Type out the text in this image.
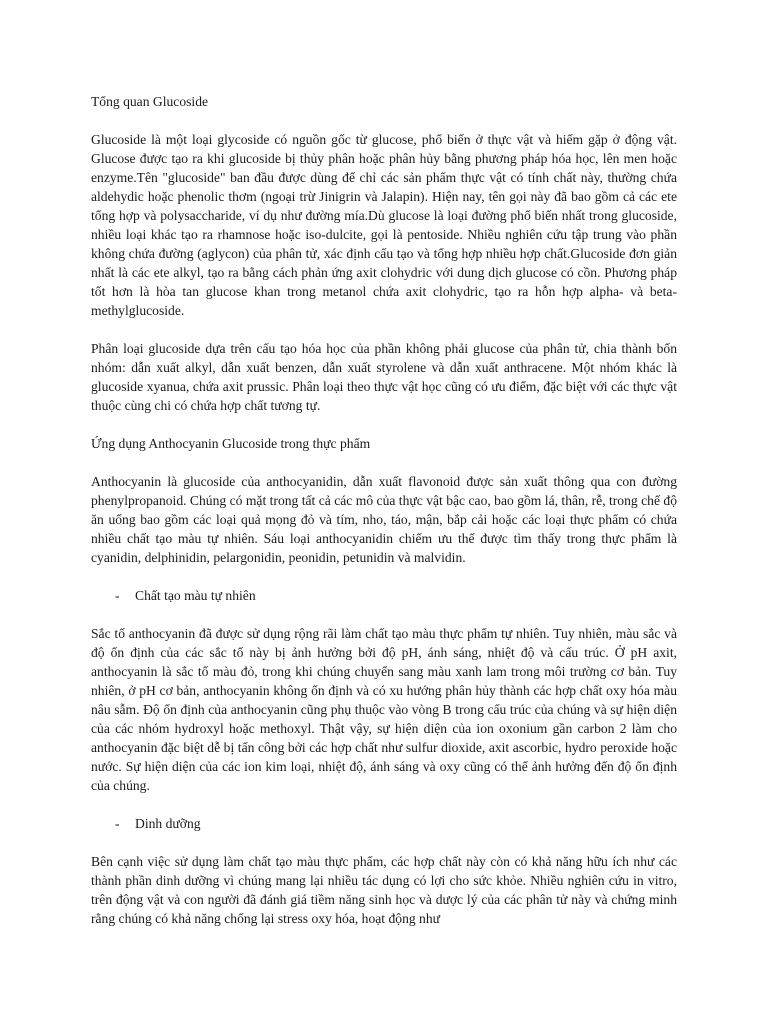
Tổng quan Glucoside

Glucoside là một loại glycoside có nguồn gốc từ glucose, phổ biến ở thực vật và hiếm gặp ở động vật. Glucose được tạo ra khi glucoside bị thủy phân hoặc phân hủy bằng phương pháp hóa học, lên men hoặc enzyme.Tên "glucoside" ban đầu được dùng để chỉ các sản phẩm thực vật có tính chất này, thường chứa aldehydic hoặc phenolic thơm (ngoại trừ Jinigrin và Jalapin). Hiện nay, tên gọi này đã bao gồm cả các ete tổng hợp và polysaccharide, ví dụ như đường mía.Dù glucose là loại đường phổ biến nhất trong glucoside, nhiều loại khác tạo ra rhamnose hoặc iso-dulcite, gọi là pentoside. Nhiều nghiên cứu tập trung vào phần không chứa đường (aglycon) của phân tử, xác định cấu tạo và tổng hợp nhiều hợp chất.Glucoside đơn giản nhất là các ete alkyl, tạo ra bằng cách phản ứng axit clohydric với dung dịch glucose có cồn. Phương pháp tốt hơn là hòa tan glucose khan trong metanol chứa axit clohydric, tạo ra hỗn hợp alpha- và beta-methylglucoside.

Phân loại glucoside dựa trên cấu tạo hóa học của phần không phải glucose của phân tử, chia thành bốn nhóm: dẫn xuất alkyl, dẫn xuất benzen, dẫn xuất styrolene và dẫn xuất anthracene. Một nhóm khác là glucoside xyanua, chứa axit prussic. Phân loại theo thực vật học cũng có ưu điểm, đặc biệt với các thực vật thuộc cùng chi có chứa hợp chất tương tự.

Ứng dụng Anthocyanin Glucoside trong thực phẩm

Anthocyanin là glucoside của anthocyanidin, dẫn xuất flavonoid được sản xuất thông qua con đường phenylpropanoid. Chúng có mặt trong tất cả các mô của thực vật bậc cao, bao gồm lá, thân, rễ, trong chế độ ăn uống bao gồm các loại quả mọng đỏ và tím, nho, táo, mận, bắp cải hoặc các loại thực phẩm có chứa nhiều chất tạo màu tự nhiên. Sáu loại anthocyanidin chiếm ưu thế được tìm thấy trong thực phẩm là cyanidin, delphinidin, pelargonidin, peonidin, petunidin và malvidin.

- Chất tạo màu tự nhiên

Sắc tố anthocyanin đã được sử dụng rộng rãi làm chất tạo màu thực phẩm tự nhiên. Tuy nhiên, màu sắc và độ ổn định của các sắc tố này bị ảnh hưởng bởi độ pH, ánh sáng, nhiệt độ và cấu trúc. Ở pH axit, anthocyanin là sắc tố màu đỏ, trong khi chúng chuyển sang màu xanh lam trong môi trường cơ bản. Tuy nhiên, ở pH cơ bản, anthocyanin không ổn định và có xu hướng phân hủy thành các hợp chất oxy hóa màu nâu sẫm. Độ ổn định của anthocyanin cũng phụ thuộc vào vòng B trong cấu trúc của chúng và sự hiện diện của các nhóm hydroxyl hoặc methoxyl. Thật vậy, sự hiện diện của ion oxonium gần carbon 2 làm cho anthocyanin đặc biệt dễ bị tấn công bởi các hợp chất như sulfur dioxide, axit ascorbic, hydro peroxide hoặc nước. Sự hiện diện của các ion kim loại, nhiệt độ, ánh sáng và oxy cũng có thể ảnh hưởng đến độ ổn định của chúng.

- Dinh dưỡng

Bên cạnh việc sử dụng làm chất tạo màu thực phẩm, các hợp chất này còn có khả năng hữu ích như các thành phần dinh dưỡng vì chúng mang lại nhiều tác dụng có lợi cho sức khỏe. Nhiều nghiên cứu in vitro, trên động vật và con người đã đánh giá tiềm năng sinh học và dược lý của các phân tử này và chứng minh rằng chúng có khả năng chống lại stress oxy hóa, hoạt động như
